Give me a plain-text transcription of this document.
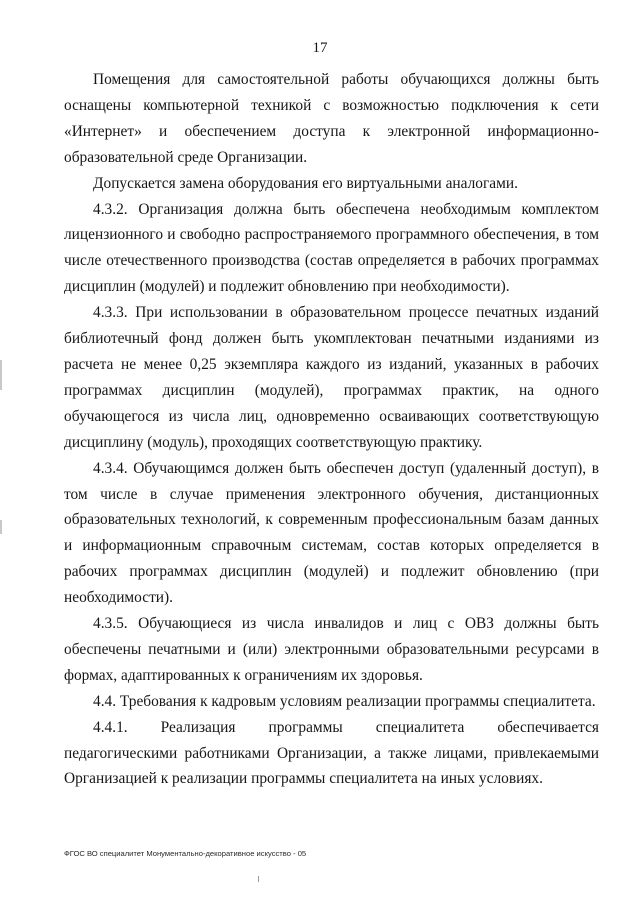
17

Помещения для самостоятельной работы обучающихся должны быть оснащены компьютерной техникой с возможностью подключения к сети «Интернет» и обеспечением доступа к электронной информационно-образовательной среде Организации.

Допускается замена оборудования его виртуальными аналогами.

4.3.2. Организация должна быть обеспечена необходимым комплектом лицензионного и свободно распространяемого программного обеспечения, в том числе отечественного производства (состав определяется в рабочих программах дисциплин (модулей) и подлежит обновлению при необходимости).

4.3.3. При использовании в образовательном процессе печатных изданий библиотечный фонд должен быть укомплектован печатными изданиями из расчета не менее 0,25 экземпляра каждого из изданий, указанных в рабочих программах дисциплин (модулей), программах практик, на одного обучающегося из числа лиц, одновременно осваивающих соответствующую дисциплину (модуль), проходящих соответствующую практику.

4.3.4. Обучающимся должен быть обеспечен доступ (удаленный доступ), в том числе в случае применения электронного обучения, дистанционных образовательных технологий, к современным профессиональным базам данных и информационным справочным системам, состав которых определяется в рабочих программах дисциплин (модулей) и подлежит обновлению (при необходимости).

4.3.5. Обучающиеся из числа инвалидов и лиц с ОВЗ должны быть обеспечены печатными и (или) электронными образовательными ресурсами в формах, адаптированных к ограничениям их здоровья.

4.4. Требования к кадровым условиям реализации программы специалитета.

4.4.1. Реализация программы специалитета обеспечивается педагогическими работниками Организации, а также лицами, привлекаемыми Организацией к реализации программы специалитета на иных условиях.

ФГОС ВО специалитет Монументально-декоративное искусство - 05
